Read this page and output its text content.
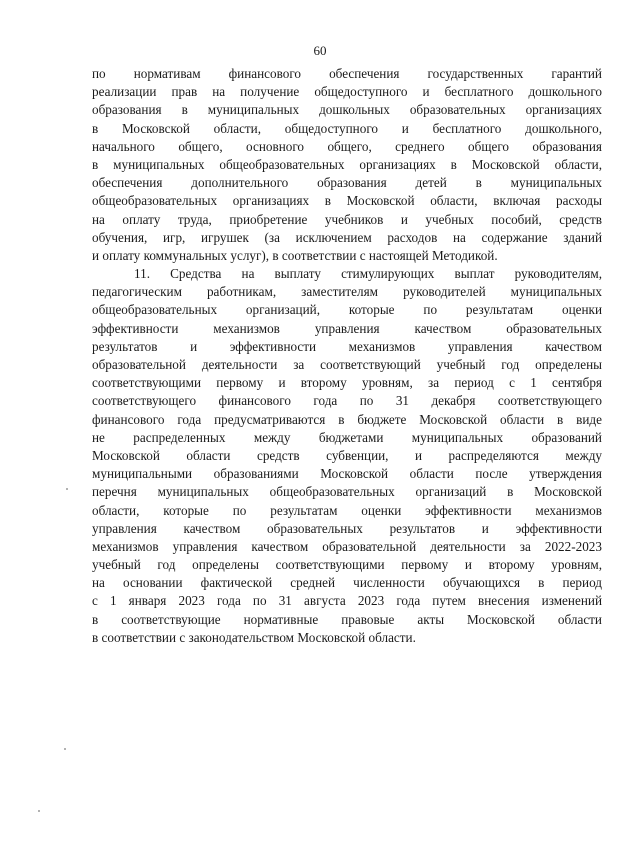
60
по нормативам финансового обеспечения государственных гарантий
реализации прав на получение общедоступного и бесплатного дошкольного
образования в муниципальных дошкольных образовательных организациях
в Московской области, общедоступного и бесплатного дошкольного,
начального общего, основного общего, среднего общего образования
в муниципальных общеобразовательных организациях в Московской области,
обеспечения дополнительного образования детей в муниципальных
общеобразовательных организациях в Московской области, включая расходы
на оплату труда, приобретение учебников и учебных пособий, средств
обучения, игр, игрушек (за исключением расходов на содержание зданий
и оплату коммунальных услуг), в соответствии с настоящей Методикой.
11. Средства на выплату стимулирующих выплат руководителям,
педагогическим работникам, заместителям руководителей муниципальных
общеобразовательных организаций, которые по результатам оценки
эффективности механизмов управления качеством образовательных
результатов и эффективности механизмов управления качеством
образовательной деятельности за соответствующий учебный год определены
соответствующими первому и второму уровням, за период с 1 сентября
соответствующего финансового года по 31 декабря соответствующего
финансового года предусматриваются в бюджете Московской области в виде
не распределенных между бюджетами муниципальных образований
Московской области средств субвенции, и распределяются между
муниципальными образованиями Московской области после утверждения
перечня муниципальных общеобразовательных организаций в Московской
области, которые по результатам оценки эффективности механизмов
управления качеством образовательных результатов и эффективности
механизмов управления качеством образовательной деятельности за 2022-2023
учебный год определены соответствующими первому и второму уровням,
на основании фактической средней численности обучающихся в период
с 1 января 2023 года по 31 августа 2023 года путем внесения изменений
в соответствующие нормативные правовые акты Московской области
в соответствии с законодательством Московской области.
